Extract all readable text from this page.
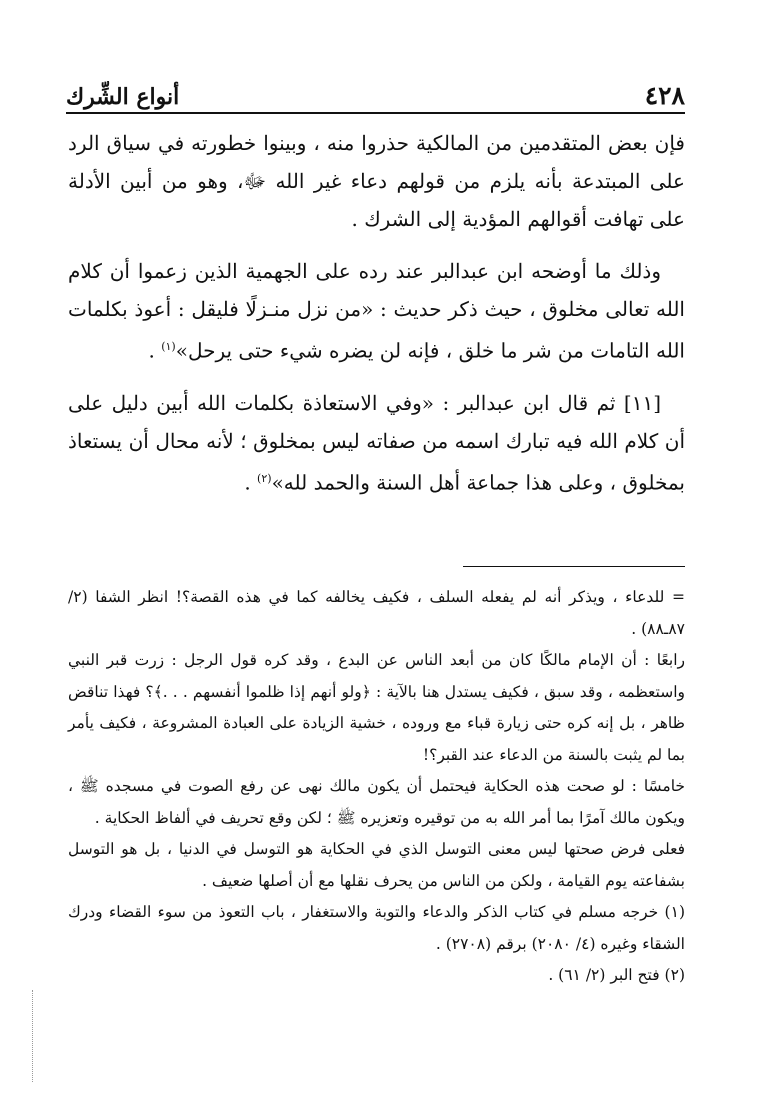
٤٢٨
أنواع الشِّرك

فإن بعض المتقدمين من المالكية حذروا منه ، وبينوا خطورته في سياق الرد على المبتدعة بأنه يلزم من قولهم دعاء غير الله ﷻ، وهو من أبين الأدلة على تهافت أقوالهم المؤدية إلى الشرك .

وذلك ما أوضحه ابن عبدالبر عند رده على الجهمية الذين زعموا أن كلام الله تعالى مخلوق ، حيث ذكر حديث : «من نزل منـزلًا فليقل : أعوذ بكلمات الله التامات من شر ما خلق ، فإنه لن يضره شيء حتى يرحل»$^{(١)}$ .

[١١] ثم قال ابن عبدالبر : «وفي الاستعاذة بكلمات الله أبين دليل على أن كلام الله فيه تبارك اسمه من صفاته ليس بمخلوق ؛ لأنه محال أن يستعاذ بمخلوق ، وعلى هذا جماعة أهل السنة والحمد لله»$^{(٢)}$ .

= للدعاء ، ويذكر أنه لم يفعله السلف ، فكيف يخالفه كما في هذه القصة؟! انظر الشفا (٢/ ٨٧ـ٨٨) .

رابعًا : أن الإمام مالكًا كان من أبعد الناس عن البدع ، وقد كره قول الرجل : زرت قبر النبي واستعظمه ، وقد سبق ، فكيف يستدل هنا بالآية : ﴿ولو أنهم إذا ظلموا أنفسهم . . .﴾؟ فهذا تناقض ظاهر ، بل إنه كره حتى زيارة قباء مع وروده ، خشية الزيادة على العبادة المشروعة ، فكيف يأمر بما لم يثبت بالسنة من الدعاء عند القبر؟!

خامسًا : لو صحت هذه الحكاية فيحتمل أن يكون مالك نهى عن رفع الصوت في مسجده ﷺ ، ويكون مالك آمرًا بما أمر الله به من توقيره وتعزيره ﷺ ؛ لكن وقع تحريف في ألفاظ الحكاية .

فعلى فرض صحتها ليس معنى التوسل الذي في الحكاية هو التوسل في الدنيا ، بل هو التوسل بشفاعته يوم القيامة ، ولكن من الناس من يحرف نقلها مع أن أصلها ضعيف .

(١) خرجه مسلم في كتاب الذكر والدعاء والتوبة والاستغفار ، باب التعوذ من سوء القضاء ودرك الشقاء وغيره (٤/ ٢٠٨٠) برقم (٢٧٠٨) .

(٢) فتح البر (٢/ ٦١) .
